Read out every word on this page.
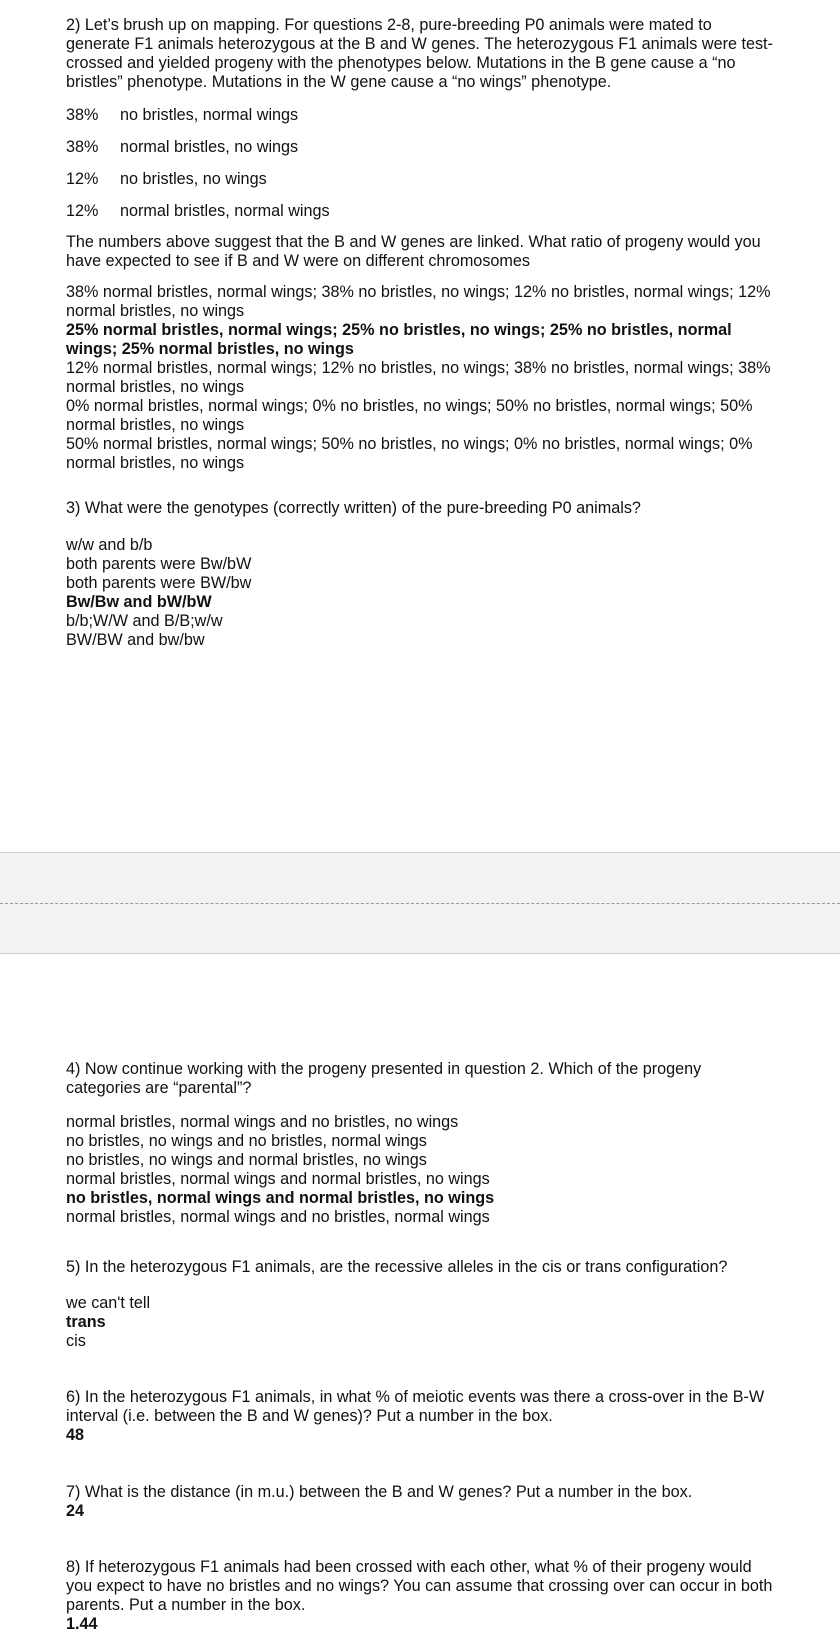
2) Let’s brush up on mapping. For questions 2-8, pure-breeding P0 animals were mated to generate F1 animals heterozygous at the B and W genes. The heterozygous F1 animals were test-crossed and yielded progeny with the phenotypes below. Mutations in the B gene cause a “no bristles” phenotype. Mutations in the W gene cause a “no wings” phenotype.

38%	no bristles, normal wings
38%	normal bristles, no wings
12%	no bristles, no wings
12%	normal bristles, normal wings

The numbers above suggest that the B and W genes are linked. What ratio of progeny would you have expected to see if B and W were on different chromosomes

38% normal bristles, normal wings; 38% no bristles, no wings; 12% no bristles, normal wings; 12% normal bristles, no wings
25% normal bristles, normal wings; 25% no bristles, no wings; 25% no bristles, normal wings; 25% normal bristles, no wings
12% normal bristles, normal wings; 12% no bristles, no wings; 38% no bristles, normal wings; 38% normal bristles, no wings
0% normal bristles, normal wings; 0% no bristles, no wings; 50% no bristles, normal wings; 50% normal bristles, no wings
50% normal bristles, normal wings; 50% no bristles, no wings; 0% no bristles, normal wings; 0% normal bristles, no wings

3) What were the genotypes (correctly written) of the pure-breeding P0 animals?

w/w and b/b
both parents were Bw/bW
both parents were BW/bw
Bw/Bw and bW/bW
b/b;W/W and B/B;w/w
BW/BW and bw/bw

4) Now continue working with the progeny presented in question 2. Which of the progeny categories are “parental”?

normal bristles, normal wings and no bristles, no wings
no bristles, no wings and no bristles, normal wings
no bristles, no wings and normal bristles, no wings
normal bristles, normal wings and normal bristles, no wings
no bristles, normal wings and normal bristles, no wings
normal bristles, normal wings and no bristles, normal wings

5) In the heterozygous F1 animals, are the recessive alleles in the cis or trans configuration?

we can't tell
trans
cis

6) In the heterozygous F1 animals, in what % of meiotic events was there a cross-over in the B-W interval (i.e. between the B and W genes)? Put a number in the box.

48

7) What is the distance (in m.u.) between the B and W genes? Put a number in the box.

24

8) If heterozygous F1 animals had been crossed with each other, what % of their progeny would you expect to have no bristles and no wings? You can assume that crossing over can occur in both parents. Put a number in the box.

1.44
